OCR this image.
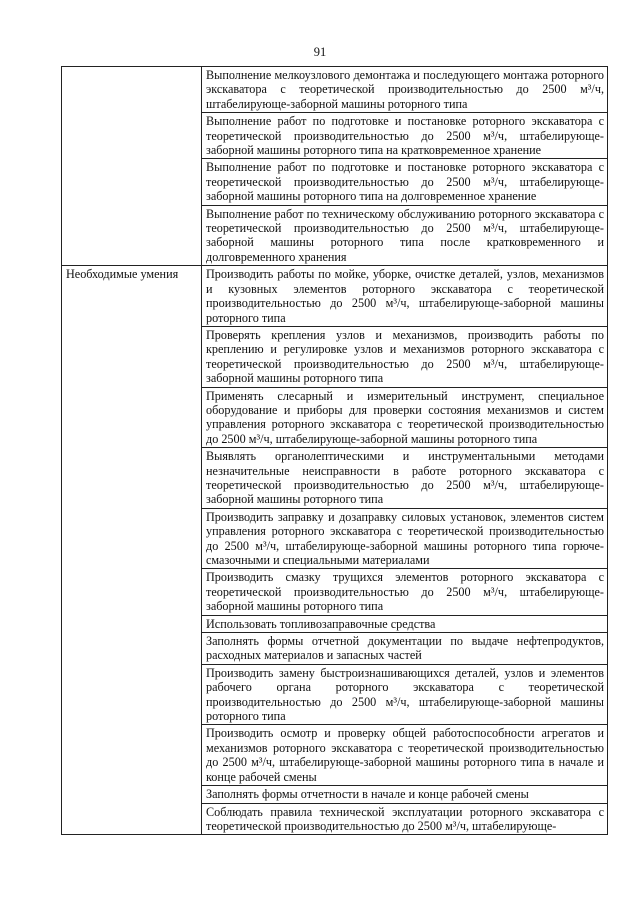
91
	Выполнение мелкоузлового демонтажа и последующего монтажа роторного экскаватора с теоретической производительностью до 2500 м³/ч, штабелирующе-заборной машины роторного типа
	Выполнение работ по подготовке и постановке роторного экскаватора с теоретической производительностью до 2500 м³/ч, штабелирующе-заборной машины роторного типа на кратковременное хранение
	Выполнение работ по подготовке и постановке роторного экскаватора с теоретической производительностью до 2500 м³/ч, штабелирующе-заборной машины роторного типа на долговременное хранение
	Выполнение работ по техническому обслуживанию роторного экскаватора с теоретической производительностью до 2500 м³/ч, штабелирующе-заборной машины роторного типа после кратковременного и долговременного хранения
Необходимые умения	Производить работы по мойке, уборке, очистке деталей, узлов, механизмов и кузовных элементов роторного экскаватора с теоретической производительностью до 2500 м³/ч, штабелирующе-заборной машины роторного типа
	Проверять крепления узлов и механизмов, производить работы по креплению и регулировке узлов и механизмов роторного экскаватора с теоретической производительностью до 2500 м³/ч, штабелирующе-заборной машины роторного типа
	Применять слесарный и измерительный инструмент, специальное оборудование и приборы для проверки состояния механизмов и систем управления роторного экскаватора с теоретической производительностью до 2500 м³/ч, штабелирующе-заборной машины роторного типа
	Выявлять органолептическими и инструментальными методами незначительные неисправности в работе роторного экскаватора с теоретической производительностью до 2500 м³/ч, штабелирующе-заборной машины роторного типа
	Производить заправку и дозаправку силовых установок, элементов систем управления роторного экскаватора с теоретической производительностью до 2500 м³/ч, штабелирующе-заборной машины роторного типа горюче-смазочными и специальными материалами
	Производить смазку трущихся элементов роторного экскаватора с теоретической производительностью до 2500 м³/ч, штабелирующе-заборной машины роторного типа
	Использовать топливозаправочные средства
	Заполнять формы отчетной документации по выдаче нефтепродуктов, расходных материалов и запасных частей
	Производить замену быстроизнашивающихся деталей, узлов и элементов рабочего органа роторного экскаватора с теоретической производительностью до 2500 м³/ч, штабелирующе-заборной машины роторного типа
	Производить осмотр и проверку общей работоспособности агрегатов и механизмов роторного экскаватора с теоретической производительностью до 2500 м³/ч, штабелирующе-заборной машины роторного типа в начале и конце рабочей смены
	Заполнять формы отчетности в начале и конце рабочей смены
	Соблюдать правила технической эксплуатации роторного экскаватора с теоретической производительностью до 2500 м³/ч, штабелирующе-
